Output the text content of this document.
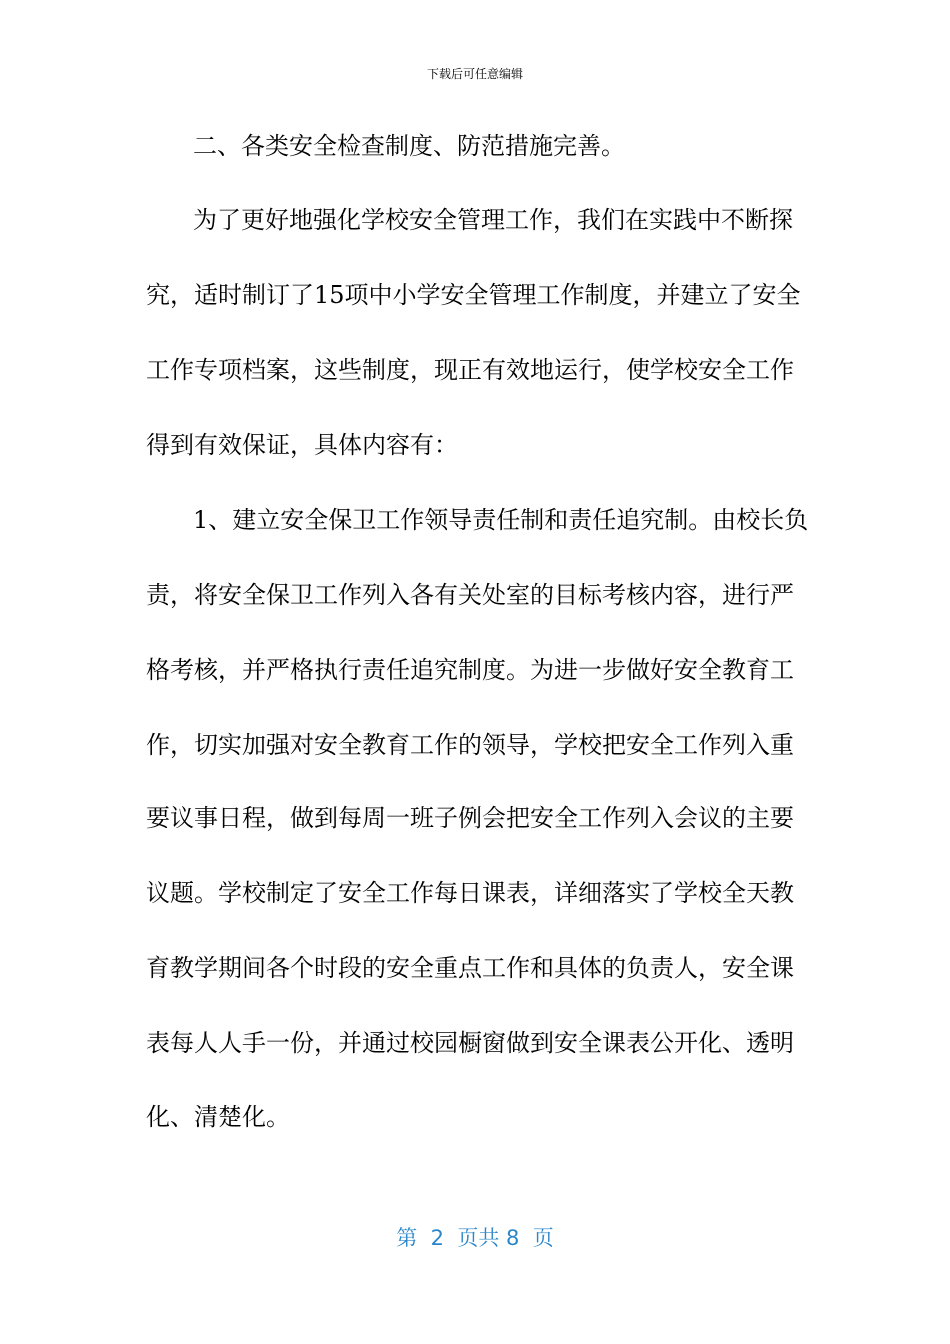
下载后可任意编辑
二、各类安全检查制度、防范措施完善。
为了更好地强化学校安全管理工作，我们在实践中不断探
究，适时制订了15项中小学安全管理工作制度，并建立了安全
工作专项档案，这些制度，现正有效地运行，使学校安全工作
得到有效保证，具体内容有：
1、建立安全保卫工作领导责任制和责任追究制。由校长负
责，将安全保卫工作列入各有关处室的目标考核内容，进行严
格考核，并严格执行责任追究制度。为进一步做好安全教育工
作，切实加强对安全教育工作的领导，学校把安全工作列入重
要议事日程，做到每周一班子例会把安全工作列入会议的主要
议题。学校制定了安全工作每日课表，详细落实了学校全天教
育教学期间各个时段的安全重点工作和具体的负责人，安全课
表每人人手一份，并通过校园橱窗做到安全课表公开化、透明
化、清楚化。
第  2  页共 8  页
